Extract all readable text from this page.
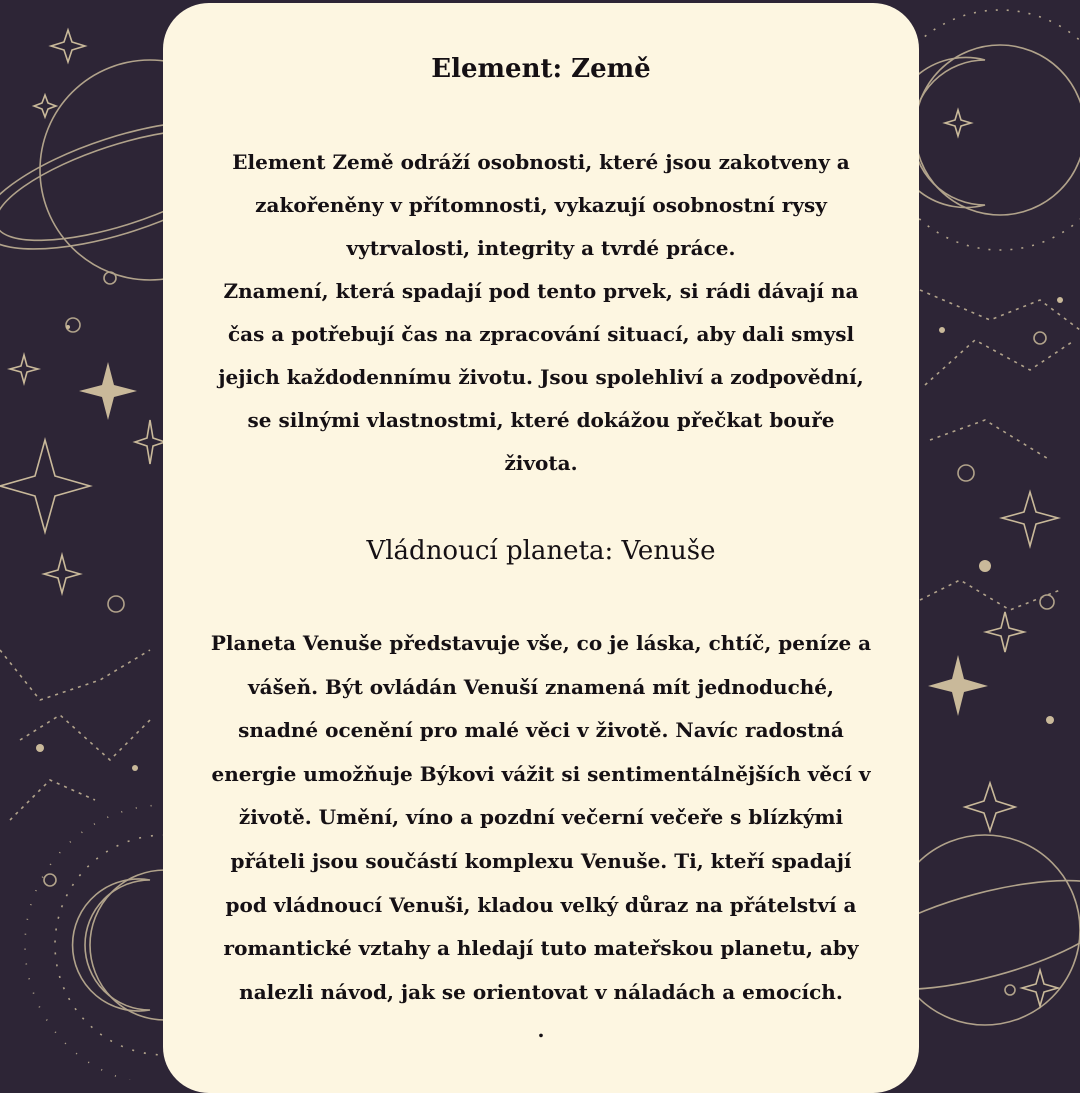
Element: Země
Element Země odráží osobnosti, které jsou zakotveny a
zakořeněny v přítomnosti, vykazují osobnostní rysy
vytrvalosti, integrity a tvrdé práce.
Znamení, která spadají pod tento prvek, si rádi dávají na
čas a potřebují čas na zpracování situací, aby dali smysl
jejich každodennímu životu. Jsou spolehliví a zodpovědní,
se silnými vlastnostmi, které dokážou přečkat bouře
života.
Vládnoucí planeta: Venuše
Planeta Venuše představuje vše, co je láska, chtíč, peníze a
vášeň. Být ovládán Venuší znamená mít jednoduché,
snadné ocenění pro malé věci v životě. Navíc radostná
energie umožňuje Býkovi vážit si sentimentálnějších věcí v
životě. Umění, víno a pozdní večerní večeře s blízkými
přáteli jsou součástí komplexu Venuše. Ti, kteří spadají
pod vládnoucí Venuši, kladou velký důraz na přátelství a
romantické vztahy a hledají tuto mateřskou planetu, aby
nalezli návod, jak se orientovat v náladách a emocích.
.
